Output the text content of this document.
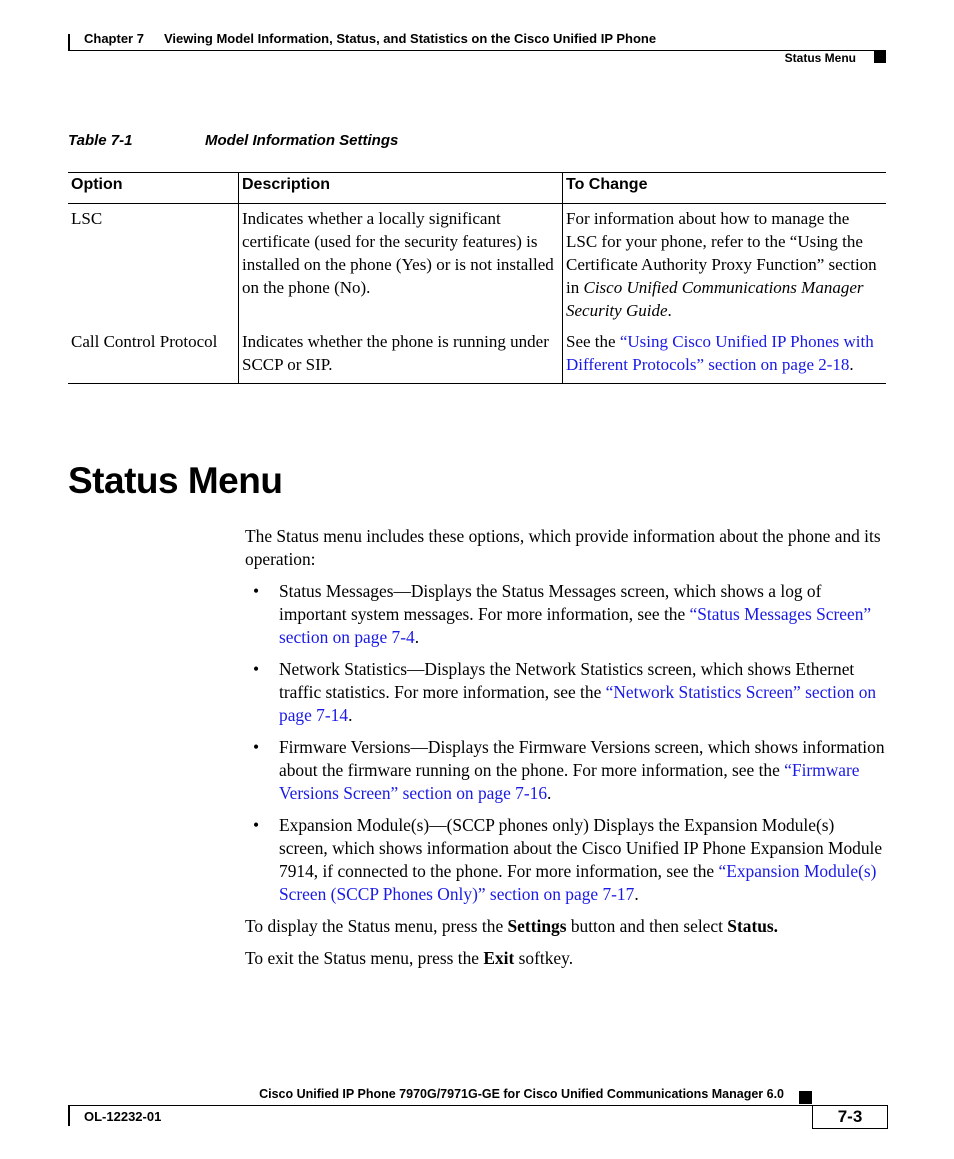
Chapter 7 Viewing Model Information, Status, and Statistics on the Cisco Unified IP Phone
Status Menu
Table 7-1	Model Information Settings
Option	Description	To Change
LSC	Indicates whether a locally significant certificate (used for the security features) is installed on the phone (Yes) or is not installed on the phone (No).	For information about how to manage the LSC for your phone, refer to the “Using the Certificate Authority Proxy Function” section in Cisco Unified Communications Manager Security Guide.
Call Control Protocol	Indicates whether the phone is running under SCCP or SIP.	See the “Using Cisco Unified IP Phones with Different Protocols” section on page 2-18.
Status Menu

The Status menu includes these options, which provide information about the phone and its operation:

• Status Messages—Displays the Status Messages screen, which shows a log of important system messages. For more information, see the “Status Messages Screen” section on page 7-4.
• Network Statistics—Displays the Network Statistics screen, which shows Ethernet traffic statistics. For more information, see the “Network Statistics Screen” section on page 7-14.
• Firmware Versions—Displays the Firmware Versions screen, which shows information about the firmware running on the phone. For more information, see the “Firmware Versions Screen” section on page 7-16.
• Expansion Module(s)—(SCCP phones only) Displays the Expansion Module(s) screen, which shows information about the Cisco Unified IP Phone Expansion Module 7914, if connected to the phone. For more information, see the “Expansion Module(s) Screen (SCCP Phones Only)” section on page 7-17.

To display the Status menu, press the Settings button and then select Status.

To exit the Status menu, press the Exit softkey.

Cisco Unified IP Phone 7970G/7971G-GE for Cisco Unified Communications Manager 6.0
OL-12232-01	7-3
